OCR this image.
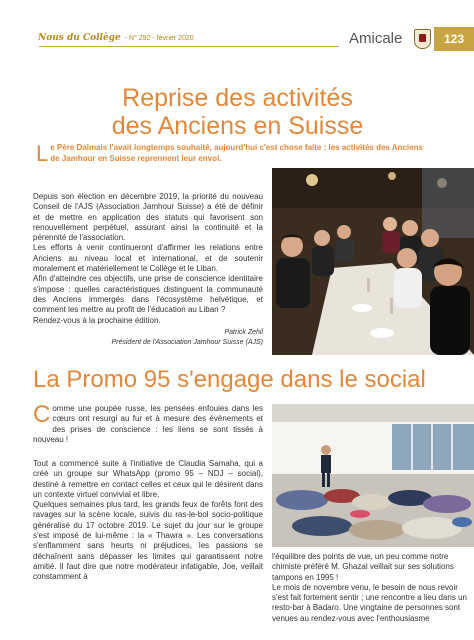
Nous du Collège - N° 292 - février 2020	Amicale	123
Reprise des activités
des Anciens en Suisse
Le Père Dalmais l'avait longtemps souhaité, aujourd'hui c'est chose faite : les activités des Anciens de Jamhour en Suisse reprennent leur envol.

Depuis son élection en décembre 2019, la priorité du nouveau Conseil de l'AJS (Association Jamhour Suisse) a été de définir et de mettre en application des statuts qui favorisent son renouvellement perpétuel, assurant ainsi la continuité et la pérennité de l'association.

Les efforts à venir continueront d'affirmer les relations entre Anciens au niveau local et international, et de soutenir moralement et matériellement le Collège et le Liban.

Afin d'atteindre ces objectifs, une prise de conscience identitaire s'impose : quelles caractéristiques distinguent la communauté des Anciens immergés dans l'écosystème helvétique, et comment les mettre au profit de l'éducation au Liban ?

Rendez-vous à la prochaine édition.

Patrick Zehil
Président de l'Association Jamhour Suisse (AJS)
La Promo 95 s'engage dans le social
Comme une poupée russe, les pensées enfouies dans les cœurs ont resurgi au fur et à mesure des évènements et des prises de conscience : les liens se sont tissés à nouveau !

Tout a commencé suite à l'initiative de Claudia Samaha, qui a créé un groupe sur WhatsApp (promo 95 – NDJ – social), destiné à remettre en contact celles et ceux qui le désirent dans un contexte virtuel convivial et libre.

Quelques semaines plus tard, les grands feux de forêts font des ravages sur la scène locale, suivis du ras-le-bol socio-politique généralisé du 17 octobre 2019. Le sujet du jour sur le groupe s'est imposé de lui-même : la « Thawra ». Les conversations s'enflamment sans heurts ni préjudices, les passions se déchaînent sans dépasser les limites qui garantissent notre amitié. Il faut dire que notre modérateur infatigable, Joe, veillait constamment à

l'équilibre des points de vue, un peu comme notre chimiste préféré M. Ghazal veillait sur ses solutions tampons en 1995 !

Le mois de novembre venu, le besoin de nous revoir s'est fait fortement sentir ; une rencontre a lieu dans un resto-bar à Badaro. Une vingtaine de personnes sont venues au rendez-vous avec l'enthousiasme
